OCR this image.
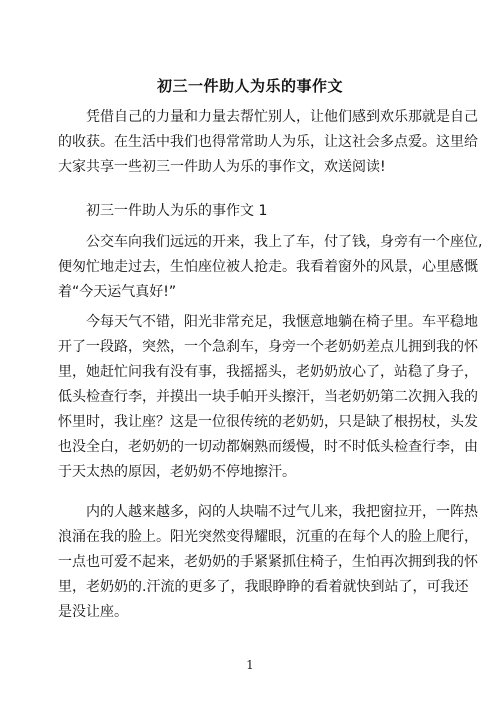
初三一件助人为乐的事作文

凭借自己的力量和力量去帮忙别人，让他们感到欢乐那就是自己
的收获。在生活中我们也得常常助人为乐，让这社会多点爱。这里给
大家共享一些初三一件助人为乐的事作文，欢送阅读!

初三一件助人为乐的事作文 1

公交车向我们远远的开来，我上了车，付了钱，身旁有一个座位,
便匆忙地走过去，生怕座位被人抢走。我看着窗外的风景，心里感慨
着“今天运气真好!”

今每天气不错，阳光非常充足，我惬意地躺在椅子里。车平稳地
开了一段路，突然，一个急刹车，身旁一个老奶奶差点儿拥到我的怀
里，她赶忙问我有没有事，我摇摇头，老奶奶放心了，站稳了身子，
低头检查行李，并摸出一块手帕开头擦汗，当老奶奶第二次拥入我的
怀里时，我让座？这是一位很传统的老奶奶，只是缺了根拐杖，头发
也没全白，老奶奶的一切动都娴熟而缓慢，时不时低头检查行李，由
于天太热的原因，老奶奶不停地擦汗。

内的人越来越多，闷的人块喘不过气儿来，我把窗拉开，一阵热
浪涌在我的脸上。阳光突然变得耀眼，沉重的在每个人的脸上爬行，
一点也可爱不起来，老奶奶的手紧紧抓住椅子，生怕再次拥到我的怀
里，老奶奶的.汗流的更多了，我眼睁睁的看着就快到站了，可我还
是没让座。

1
